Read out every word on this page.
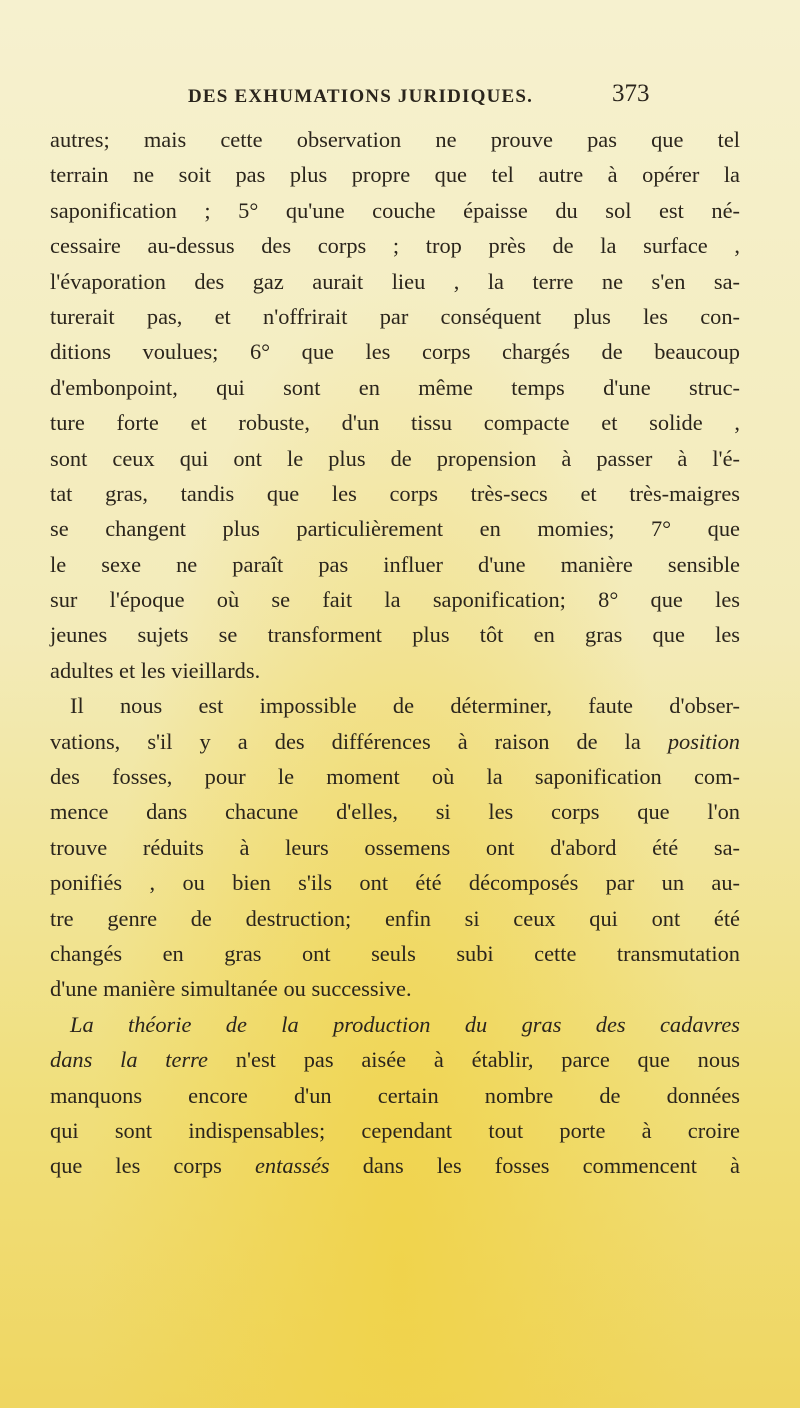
DES EXHUMATIONS JURIDIQUES.	373
autres; mais cette observation ne prouve pas que tel
terrain ne soit pas plus propre que tel autre à opérer la
saponification ; 5° qu'une couche épaisse du sol est né-
cessaire au-dessus des corps ; trop près de la surface ,
l'évaporation des gaz aurait lieu , la terre ne s'en sa-
turerait pas, et n'offrirait par conséquent plus les con-
ditions voulues; 6° que les corps chargés de beaucoup
d'embonpoint, qui sont en même temps d'une struc-
ture forte et robuste, d'un tissu compacte et solide ,
sont ceux qui ont le plus de propension à passer à l'é-
tat gras, tandis que les corps très-secs et très-maigres
se changent plus particulièrement en momies; 7° que
le sexe ne paraît pas influer d'une manière sensible
sur l'époque où se fait la saponification; 8° que les
jeunes sujets se transforment plus tôt en gras que les
adultes et les vieillards.
Il nous est impossible de déterminer, faute d'obser-
vations, s'il y a des différences à raison de la position
des fosses, pour le moment où la saponification com-
mence dans chacune d'elles, si les corps que l'on
trouve réduits à leurs ossemens ont d'abord été sa-
ponifiés , ou bien s'ils ont été décomposés par un au-
tre genre de destruction; enfin si ceux qui ont été
changés en gras ont seuls subi cette transmutation
d'une manière simultanée ou successive.
La théorie de la production du gras des cadavres
dans la terre n'est pas aisée à établir, parce que nous
manquons encore d'un certain nombre de données
qui sont indispensables; cependant tout porte à croire
que les corps entassés dans les fosses commencent à
